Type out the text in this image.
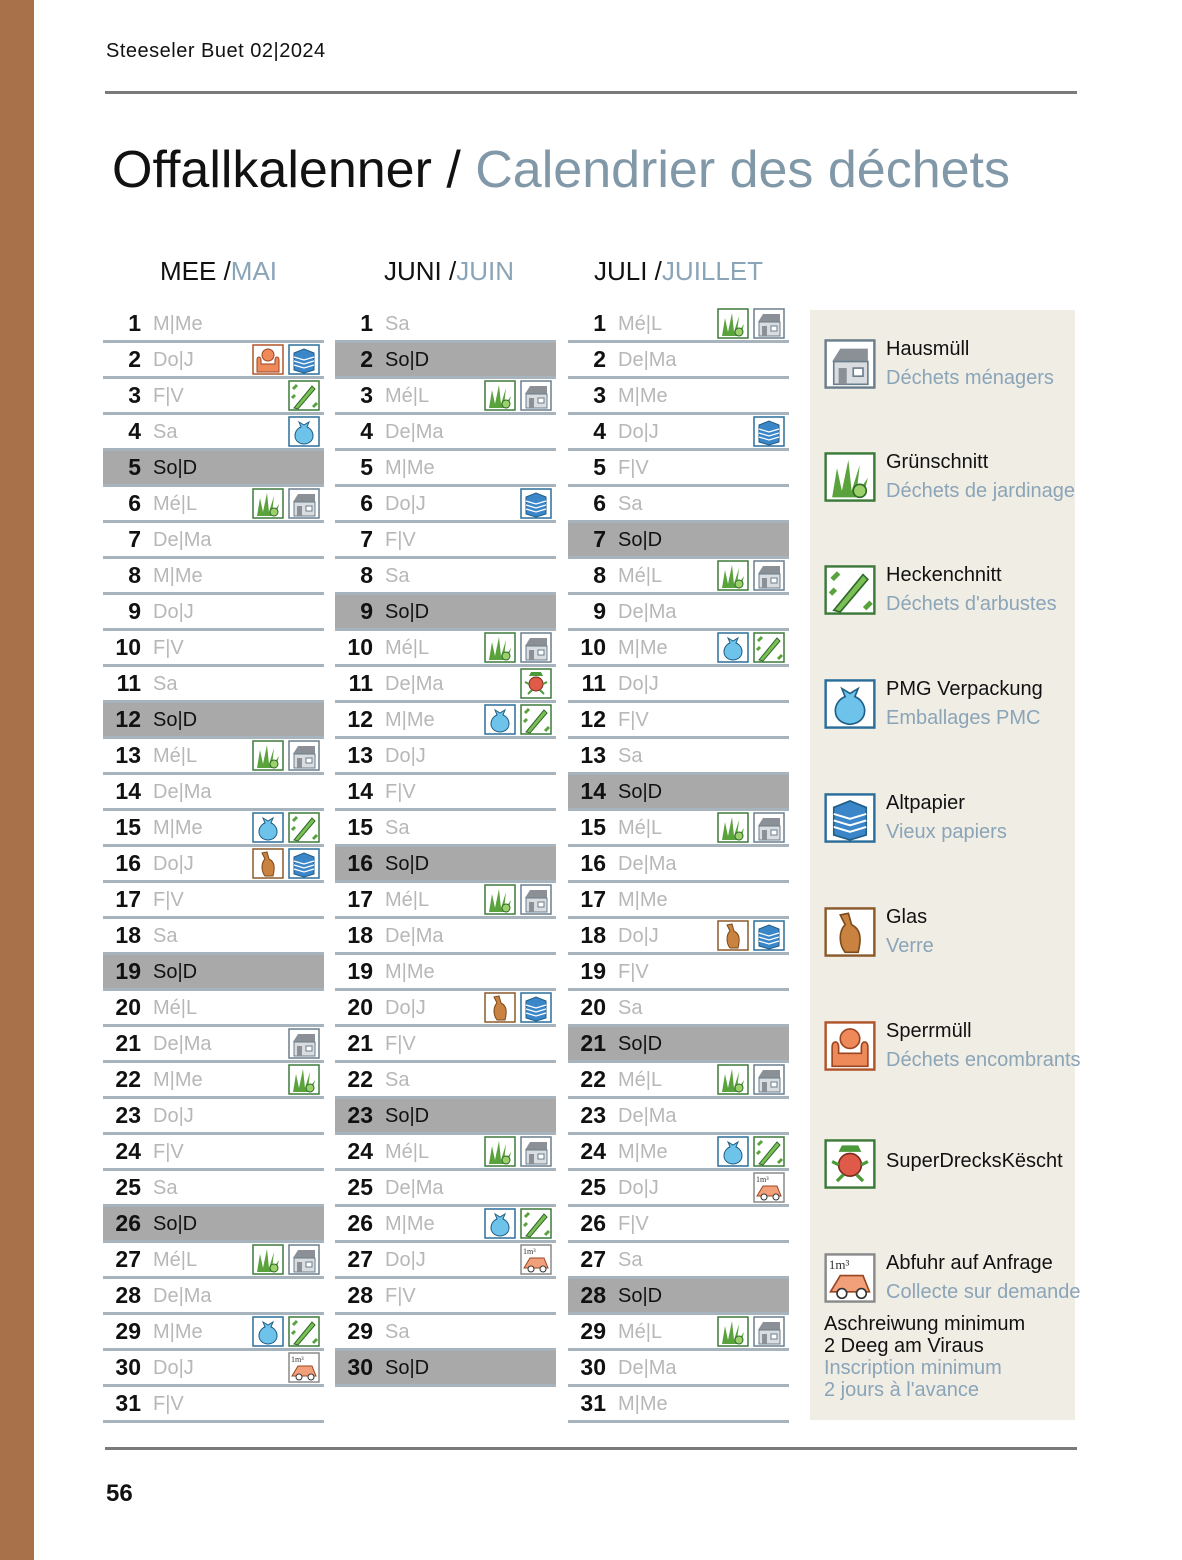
Steeseler Buet 02|2024
Offallkalenner / Calendrier des déchets
MEE /MAI	JUNI /JUIN	JULI /JUILLET
1 M|Me
2 Do|J
3 F|V
4 Sa
5 So|D
6 Mé|L
7 De|Ma
8 M|Me
9 Do|J
10 F|V
11 Sa
12 So|D
13 Mé|L
14 De|Ma
15 M|Me
16 Do|J
17 F|V
18 Sa
19 So|D
20 Mé|L
21 De|Ma
22 M|Me
23 Do|J
24 F|V
25 Sa
26 So|D
27 Mé|L
28 De|Ma
29 M|Me
30 Do|J	1m³
31 F|V
1 Sa
2 So|D
3 Mé|L
4 De|Ma
5 M|Me
6 Do|J
7 F|V
8 Sa
9 So|D
10 Mé|L
11 De|Ma
12 M|Me
13 Do|J
14 F|V
15 Sa
16 So|D
17 Mé|L
18 De|Ma
19 M|Me
20 Do|J
21 F|V
22 Sa
23 So|D
24 Mé|L
25 De|Ma
26 M|Me
27 Do|J	1m³
28 F|V
29 Sa
30 So|D
1 Mé|L
2 De|Ma
3 M|Me
4 Do|J
5 F|V
6 Sa
7 So|D
8 Mé|L
9 De|Ma
10 M|Me
11 Do|J
12 F|V
13 Sa
14 So|D
15 Mé|L
16 De|Ma
17 M|Me
18 Do|J
19 F|V
20 Sa
21 So|D
22 Mé|L
23 De|Ma
24 M|Me
25 Do|J	1m³
26 F|V
27 Sa
28 So|D
29 Mé|L
30 De|Ma
31 M|Me
Aschreiwung minimum
2 Deeg am Viraus
Inscription minimum
2 jours à l'avance
Hausmüll
Déchets ménagers
Grünschnitt
Déchets de jardinage
Heckenchnitt
Déchets d'arbustes
PMG Verpackung
Emballages PMC
Altpapier
Vieux papiers
Glas
Verre
Sperrmüll
Déchets encombrants
SuperDrecksKëscht
1m³ Abfuhr auf Anfrage
Collecte sur demande
56
